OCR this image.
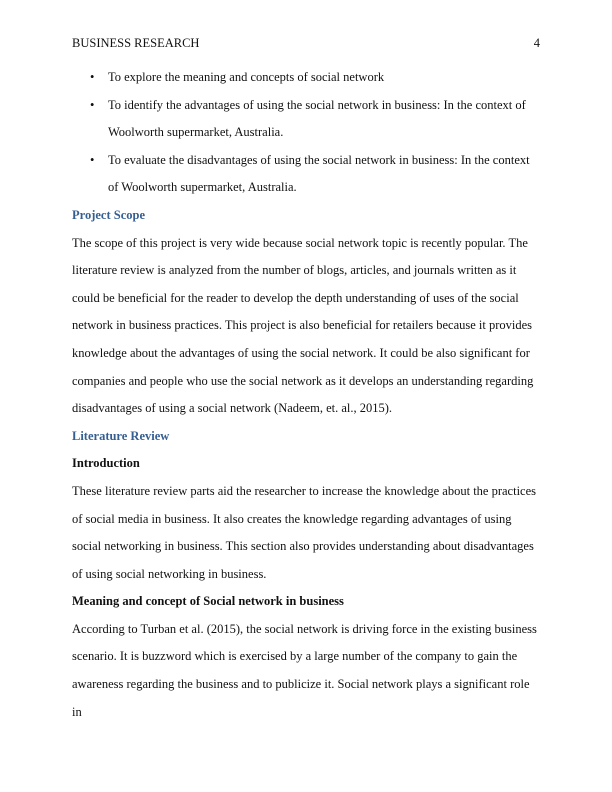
BUSINESS RESEARCH	4
• To explore the meaning and concepts of social network
• To identify the advantages of using the social network in business: In the context of Woolworth supermarket, Australia.
• To evaluate the disadvantages of using the social network in business: In the context of Woolworth supermarket, Australia.
Project Scope

The scope of this project is very wide because social network topic is recently popular. The literature review is analyzed from the number of blogs, articles, and journals written as it could be beneficial for the reader to develop the depth understanding of uses of the social network in business practices. This project is also beneficial for retailers because it provides knowledge about the advantages of using the social network. It could be also significant for companies and people who use the social network as it develops an understanding regarding disadvantages of using a social network (Nadeem, et. al., 2015).

Literature Review
Introduction

These literature review parts aid the researcher to increase the knowledge about the practices of social media in business. It also creates the knowledge regarding advantages of using social networking in business. This section also provides understanding about disadvantages of using social networking in business.

Meaning and concept of Social network in business

According to Turban et al. (2015), the social network is driving force in the existing business scenario. It is buzzword which is exercised by a large number of the company to gain the awareness regarding the business and to publicize it. Social network plays a significant role in
